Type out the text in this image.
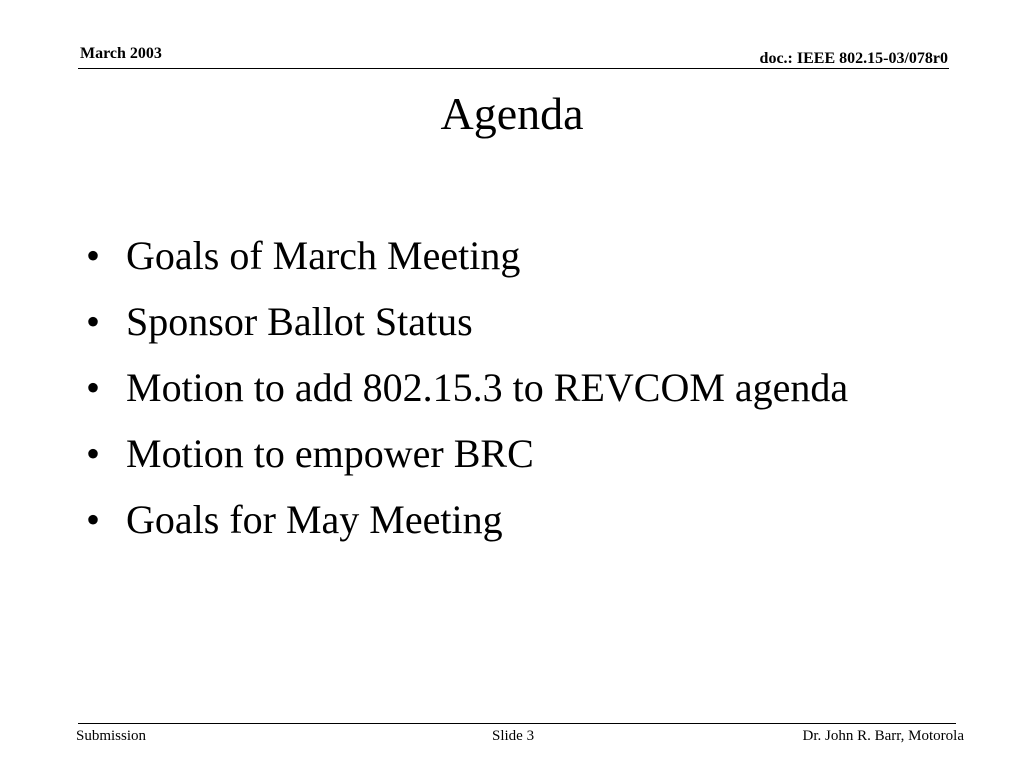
March 2003	doc.: IEEE 802.15-03/078r0
Agenda
• Goals of March Meeting
• Sponsor Ballot Status
• Motion to add 802.15.3 to REVCOM agenda
• Motion to empower BRC
• Goals for May Meeting
Submission	Slide 3	Dr. John R. Barr, Motorola
